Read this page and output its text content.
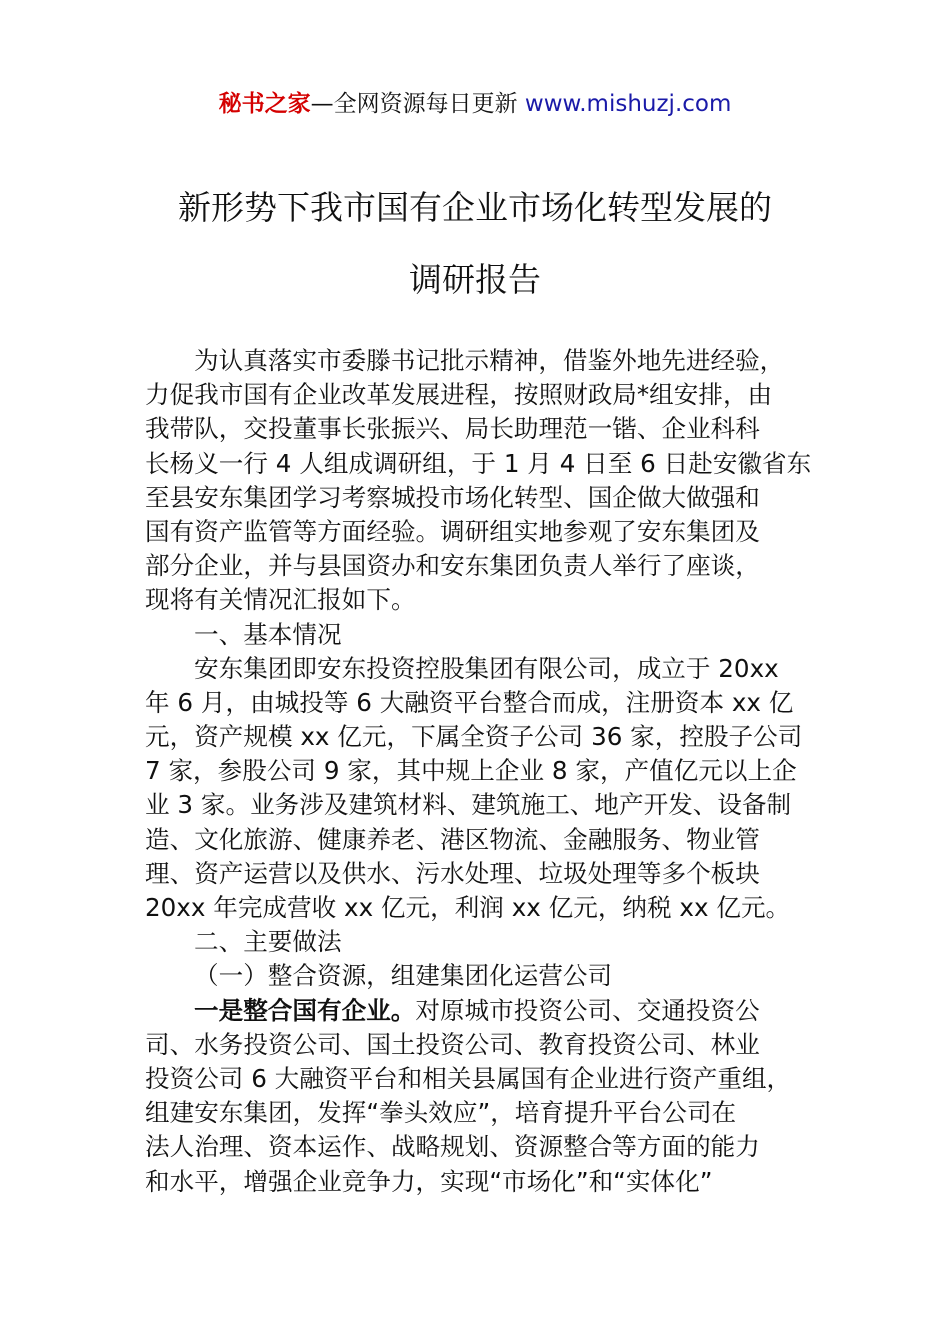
秘书之家—全网资源每日更新 www.mishuzj.com
新形势下我市国有企业市场化转型发展的
调研报告
为认真落实市委滕书记批示精神，借鉴外地先进经验，
力促我市国有企业改革发展进程，按照财政局*组安排，由
我带队，交投董事长张振兴、局长助理范一锴、企业科科
长杨义一行 4 人组成调研组，于 1 月 4 日至 6 日赴安徽省东
至县安东集团学习考察城投市场化转型、国企做大做强和
国有资产监管等方面经验。调研组实地参观了安东集团及
部分企业，并与县国资办和安东集团负责人举行了座谈，
现将有关情况汇报如下。
一、基本情况
安东集团即安东投资控股集团有限公司，成立于 20xx
年 6 月，由城投等 6 大融资平台整合而成，注册资本 xx 亿
元，资产规模 xx 亿元，下属全资子公司 36 家，控股子公司
7 家，参股公司 9 家，其中规上企业 8 家，产值亿元以上企
业 3 家。业务涉及建筑材料、建筑施工、地产开发、设备制
造、文化旅游、健康养老、港区物流、金融服务、物业管
理、资产运营以及供水、污水处理、垃圾处理等多个板块
20xx 年完成营收 xx 亿元，利润 xx 亿元，纳税 xx 亿元。
二、主要做法
（一）整合资源，组建集团化运营公司
一是整合国有企业。对原城市投资公司、交通投资公
司、水务投资公司、国土投资公司、教育投资公司、林业
投资公司 6 大融资平台和相关县属国有企业进行资产重组，
组建安东集团，发挥“拳头效应”，培育提升平台公司在
法人治理、资本运作、战略规划、资源整合等方面的能力
和水平，增强企业竞争力，实现“市场化”和“实体化”
